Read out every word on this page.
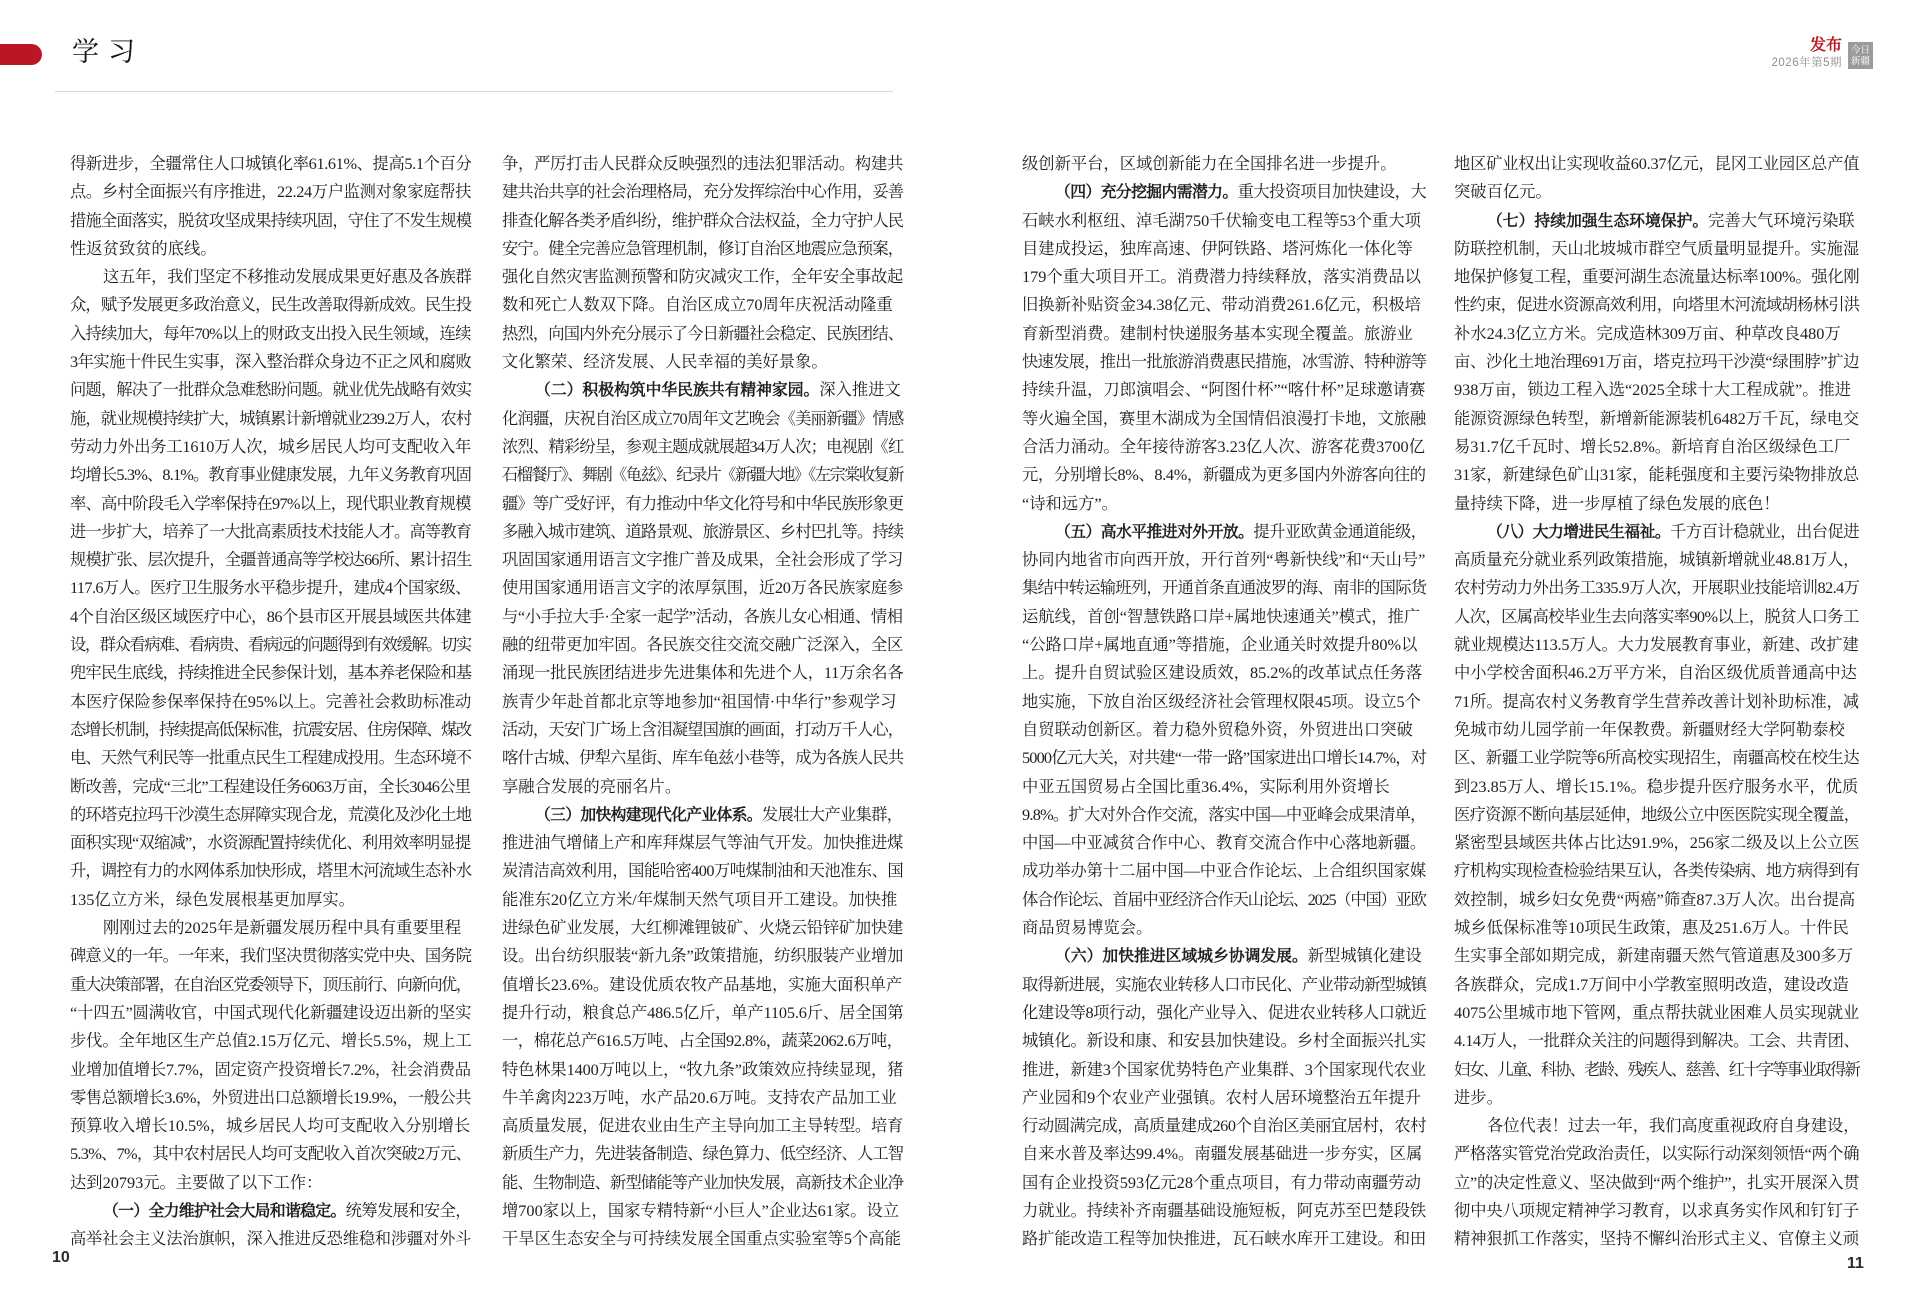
学习	发布
2026年第5期
今日
新疆
得新进步，全疆常住人口城镇化率61.61%、提高5.1个百分
点。乡村全面振兴有序推进，22.24万户监测对象家庭帮扶
措施全面落实，脱贫攻坚成果持续巩固，守住了不发生规模
性返贫致贫的底线。
这五年，我们坚定不移推动发展成果更好惠及各族群
众，赋予发展更多政治意义，民生改善取得新成效。民生投
入持续加大，每年70%以上的财政支出投入民生领域，连续
3年实施十件民生实事，深入整治群众身边不正之风和腐败
问题，解决了一批群众急难愁盼问题。就业优先战略有效实
施，就业规模持续扩大，城镇累计新增就业239.2万人，农村
劳动力外出务工1610万人次，城乡居民人均可支配收入年
均增长5.3%、8.1%。教育事业健康发展，九年义务教育巩固
率、高中阶段毛入学率保持在97%以上，现代职业教育规模
进一步扩大，培养了一大批高素质技术技能人才。高等教育
规模扩张、层次提升，全疆普通高等学校达66所、累计招生
117.6万人。医疗卫生服务水平稳步提升，建成4个国家级、
4个自治区级区域医疗中心，86个县市区开展县域医共体建
设，群众看病难、看病贵、看病远的问题得到有效缓解。切实
兜牢民生底线，持续推进全民参保计划，基本养老保险和基
本医疗保险参保率保持在95%以上。完善社会救助标准动
态增长机制，持续提高低保标准，抗震安居、住房保障、煤改
电、天然气利民等一批重点民生工程建成投用。生态环境不
断改善，完成“三北”工程建设任务6063万亩，全长3046公里
的环塔克拉玛干沙漠生态屏障实现合龙，荒漠化及沙化土地
面积实现“双缩减”，水资源配置持续优化、利用效率明显提
升，调控有力的水网体系加快形成，塔里木河流域生态补水
135亿立方米，绿色发展根基更加厚实。
刚刚过去的2025年是新疆发展历程中具有重要里程
碑意义的一年。一年来，我们坚决贯彻落实党中央、国务院
重大决策部署，在自治区党委领导下，顶压前行、向新向优，
“十四五”圆满收官，中国式现代化新疆建设迈出新的坚实
步伐。全年地区生产总值2.15万亿元、增长5.5%，规上工
业增加值增长7.7%，固定资产投资增长7.2%，社会消费品
零售总额增长3.6%，外贸进出口总额增长19.9%，一般公共
预算收入增长10.5%，城乡居民人均可支配收入分别增长
5.3%、7%，其中农村居民人均可支配收入首次突破2万元、
达到20793元。主要做了以下工作：
（一）全力维护社会大局和谐稳定。统筹发展和安全，
高举社会主义法治旗帜，深入推进反恐维稳和涉疆对外斗
争，严厉打击人民群众反映强烈的违法犯罪活动。构建共
建共治共享的社会治理格局，充分发挥综治中心作用，妥善
排查化解各类矛盾纠纷，维护群众合法权益，全力守护人民
安宁。健全完善应急管理机制，修订自治区地震应急预案，
强化自然灾害监测预警和防灾减灾工作，全年安全事故起
数和死亡人数双下降。自治区成立70周年庆祝活动隆重
热烈，向国内外充分展示了今日新疆社会稳定、民族团结、
文化繁荣、经济发展、人民幸福的美好景象。
（二）积极构筑中华民族共有精神家园。深入推进文
化润疆，庆祝自治区成立70周年文艺晚会《美丽新疆》情感
浓烈、精彩纷呈，参观主题成就展超34万人次；电视剧《红
石榴餐厅》、舞剧《龟兹》、纪录片《新疆大地》《左宗棠收复新
疆》等广受好评，有力推动中华文化符号和中华民族形象更
多融入城市建筑、道路景观、旅游景区、乡村巴扎等。持续
巩固国家通用语言文字推广普及成果，全社会形成了学习
使用国家通用语言文字的浓厚氛围，近20万各民族家庭参
与“小手拉大手·全家一起学”活动，各族儿女心相通、情相
融的纽带更加牢固。各民族交往交流交融广泛深入，全区
涌现一批民族团结进步先进集体和先进个人，11万余名各
族青少年赴首都北京等地参加“祖国情·中华行”参观学习
活动，天安门广场上含泪凝望国旗的画面，打动万千人心，
喀什古城、伊犁六星街、库车龟兹小巷等，成为各族人民共
享融合发展的亮丽名片。
（三）加快构建现代化产业体系。发展壮大产业集群，
推进油气增储上产和库拜煤层气等油气开发。加快推进煤
炭清洁高效利用，国能哈密400万吨煤制油和天池准东、国
能准东20亿立方米/年煤制天然气项目开工建设。加快推
进绿色矿业发展，大红柳滩锂铍矿、火烧云铅锌矿加快建
设。出台纺织服装“新九条”政策措施，纺织服装产业增加
值增长23.6%。建设优质农牧产品基地，实施大面积单产
提升行动，粮食总产486.5亿斤，单产1105.6斤、居全国第
一，棉花总产616.5万吨、占全国92.8%，蔬菜2062.6万吨，
特色林果1400万吨以上，“牧九条”政策效应持续显现，猪
牛羊禽肉223万吨，水产品20.6万吨。支持农产品加工业
高质量发展，促进农业由生产主导向加工主导转型。培育
新质生产力，先进装备制造、绿色算力、低空经济、人工智
能、生物制造、新型储能等产业加快发展，高新技术企业净
增700家以上，国家专精特新“小巨人”企业达61家。设立
干旱区生态安全与可持续发展全国重点实验室等5个高能
级创新平台，区域创新能力在全国排名进一步提升。
（四）充分挖掘内需潜力。重大投资项目加快建设，大
石峡水利枢纽、淖毛湖750千伏输变电工程等53个重大项
目建成投运，独库高速、伊阿铁路、塔河炼化一体化等
179个重大项目开工。消费潜力持续释放，落实消费品以
旧换新补贴资金34.38亿元、带动消费261.6亿元，积极培
育新型消费。建制村快递服务基本实现全覆盖。旅游业
快速发展，推出一批旅游消费惠民措施，冰雪游、特种游等
持续升温，刀郎演唱会、“阿图什杯”“喀什杯”足球邀请赛
等火遍全国，赛里木湖成为全国情侣浪漫打卡地，文旅融
合活力涌动。全年接待游客3.23亿人次、游客花费3700亿
元，分别增长8%、8.4%，新疆成为更多国内外游客向往的
“诗和远方”。
（五）高水平推进对外开放。提升亚欧黄金通道能级，
协同内地省市向西开放，开行首列“粤新快线”和“天山号”
集结中转运输班列，开通首条直通波罗的海、南非的国际货
运航线，首创“智慧铁路口岸+属地快速通关”模式，推广
“公路口岸+属地直通”等措施，企业通关时效提升80%以
上。提升自贸试验区建设质效，85.2%的改革试点任务落
地实施，下放自治区级经济社会管理权限45项。设立5个
自贸联动创新区。着力稳外贸稳外资，外贸进出口突破
5000亿元大关，对共建“一带一路”国家进出口增长14.7%，对
中亚五国贸易占全国比重36.4%，实际利用外资增长
9.8%。扩大对外合作交流，落实中国—中亚峰会成果清单，
中国—中亚减贫合作中心、教育交流合作中心落地新疆。
成功举办第十二届中国—中亚合作论坛、上合组织国家媒
体合作论坛、首届中亚经济合作天山论坛、2025（中国）亚欧
商品贸易博览会。
（六）加快推进区域城乡协调发展。新型城镇化建设
取得新进展，实施农业转移人口市民化、产业带动新型城镇
化建设等8项行动，强化产业导入、促进农业转移人口就近
城镇化。新设和康、和安县加快建设。乡村全面振兴扎实
推进，新建3个国家优势特色产业集群、3个国家现代农业
产业园和9个农业产业强镇。农村人居环境整治五年提升
行动圆满完成，高质量建成260个自治区美丽宜居村，农村
自来水普及率达99.4%。南疆发展基础进一步夯实，区属
国有企业投资593亿元28个重点项目，有力带动南疆劳动
力就业。持续补齐南疆基础设施短板，阿克苏至巴楚段铁
路扩能改造工程等加快推进，瓦石峡水库开工建设。和田
地区矿业权出让实现收益60.37亿元，昆冈工业园区总产值
突破百亿元。
（七）持续加强生态环境保护。完善大气环境污染联
防联控机制，天山北坡城市群空气质量明显提升。实施湿
地保护修复工程，重要河湖生态流量达标率100%。强化刚
性约束，促进水资源高效利用，向塔里木河流域胡杨林引洪
补水24.3亿立方米。完成造林309万亩、种草改良480万
亩、沙化土地治理691万亩，塔克拉玛干沙漠“绿围脖”扩边
938万亩，锁边工程入选“2025全球十大工程成就”。推进
能源资源绿色转型，新增新能源装机6482万千瓦，绿电交
易31.7亿千瓦时、增长52.8%。新培育自治区级绿色工厂
31家，新建绿色矿山31家，能耗强度和主要污染物排放总
量持续下降，进一步厚植了绿色发展的底色！
（八）大力增进民生福祉。千方百计稳就业，出台促进
高质量充分就业系列政策措施，城镇新增就业48.81万人，
农村劳动力外出务工335.9万人次，开展职业技能培训82.4万
人次，区属高校毕业生去向落实率90%以上，脱贫人口务工
就业规模达113.5万人。大力发展教育事业，新建、改扩建
中小学校舍面积46.2万平方米，自治区级优质普通高中达
71所。提高农村义务教育学生营养改善计划补助标准，减
免城市幼儿园学前一年保教费。新疆财经大学阿勒泰校
区、新疆工业学院等6所高校实现招生，南疆高校在校生达
到23.85万人、增长15.1%。稳步提升医疗服务水平，优质
医疗资源不断向基层延伸，地级公立中医医院实现全覆盖，
紧密型县域医共体占比达91.9%，256家二级及以上公立医
疗机构实现检查检验结果互认，各类传染病、地方病得到有
效控制，城乡妇女免费“两癌”筛查87.3万人次。出台提高
城乡低保标准等10项民生政策，惠及251.6万人。十件民
生实事全部如期完成，新建南疆天然气管道惠及300多万
各族群众，完成1.7万间中小学教室照明改造，建设改造
4075公里城市地下管网，重点帮扶就业困难人员实现就业
4.14万人，一批群众关注的问题得到解决。工会、共青团、
妇女、儿童、科协、老龄、残疾人、慈善、红十字等事业取得新
进步。
各位代表！过去一年，我们高度重视政府自身建设，
严格落实管党治党政治责任，以实际行动深刻领悟“两个确
立”的决定性意义、坚决做到“两个维护”，扎实开展深入贯
彻中央八项规定精神学习教育，以求真务实作风和钉钉子
精神狠抓工作落实，坚持不懈纠治形式主义、官僚主义顽
10	11
